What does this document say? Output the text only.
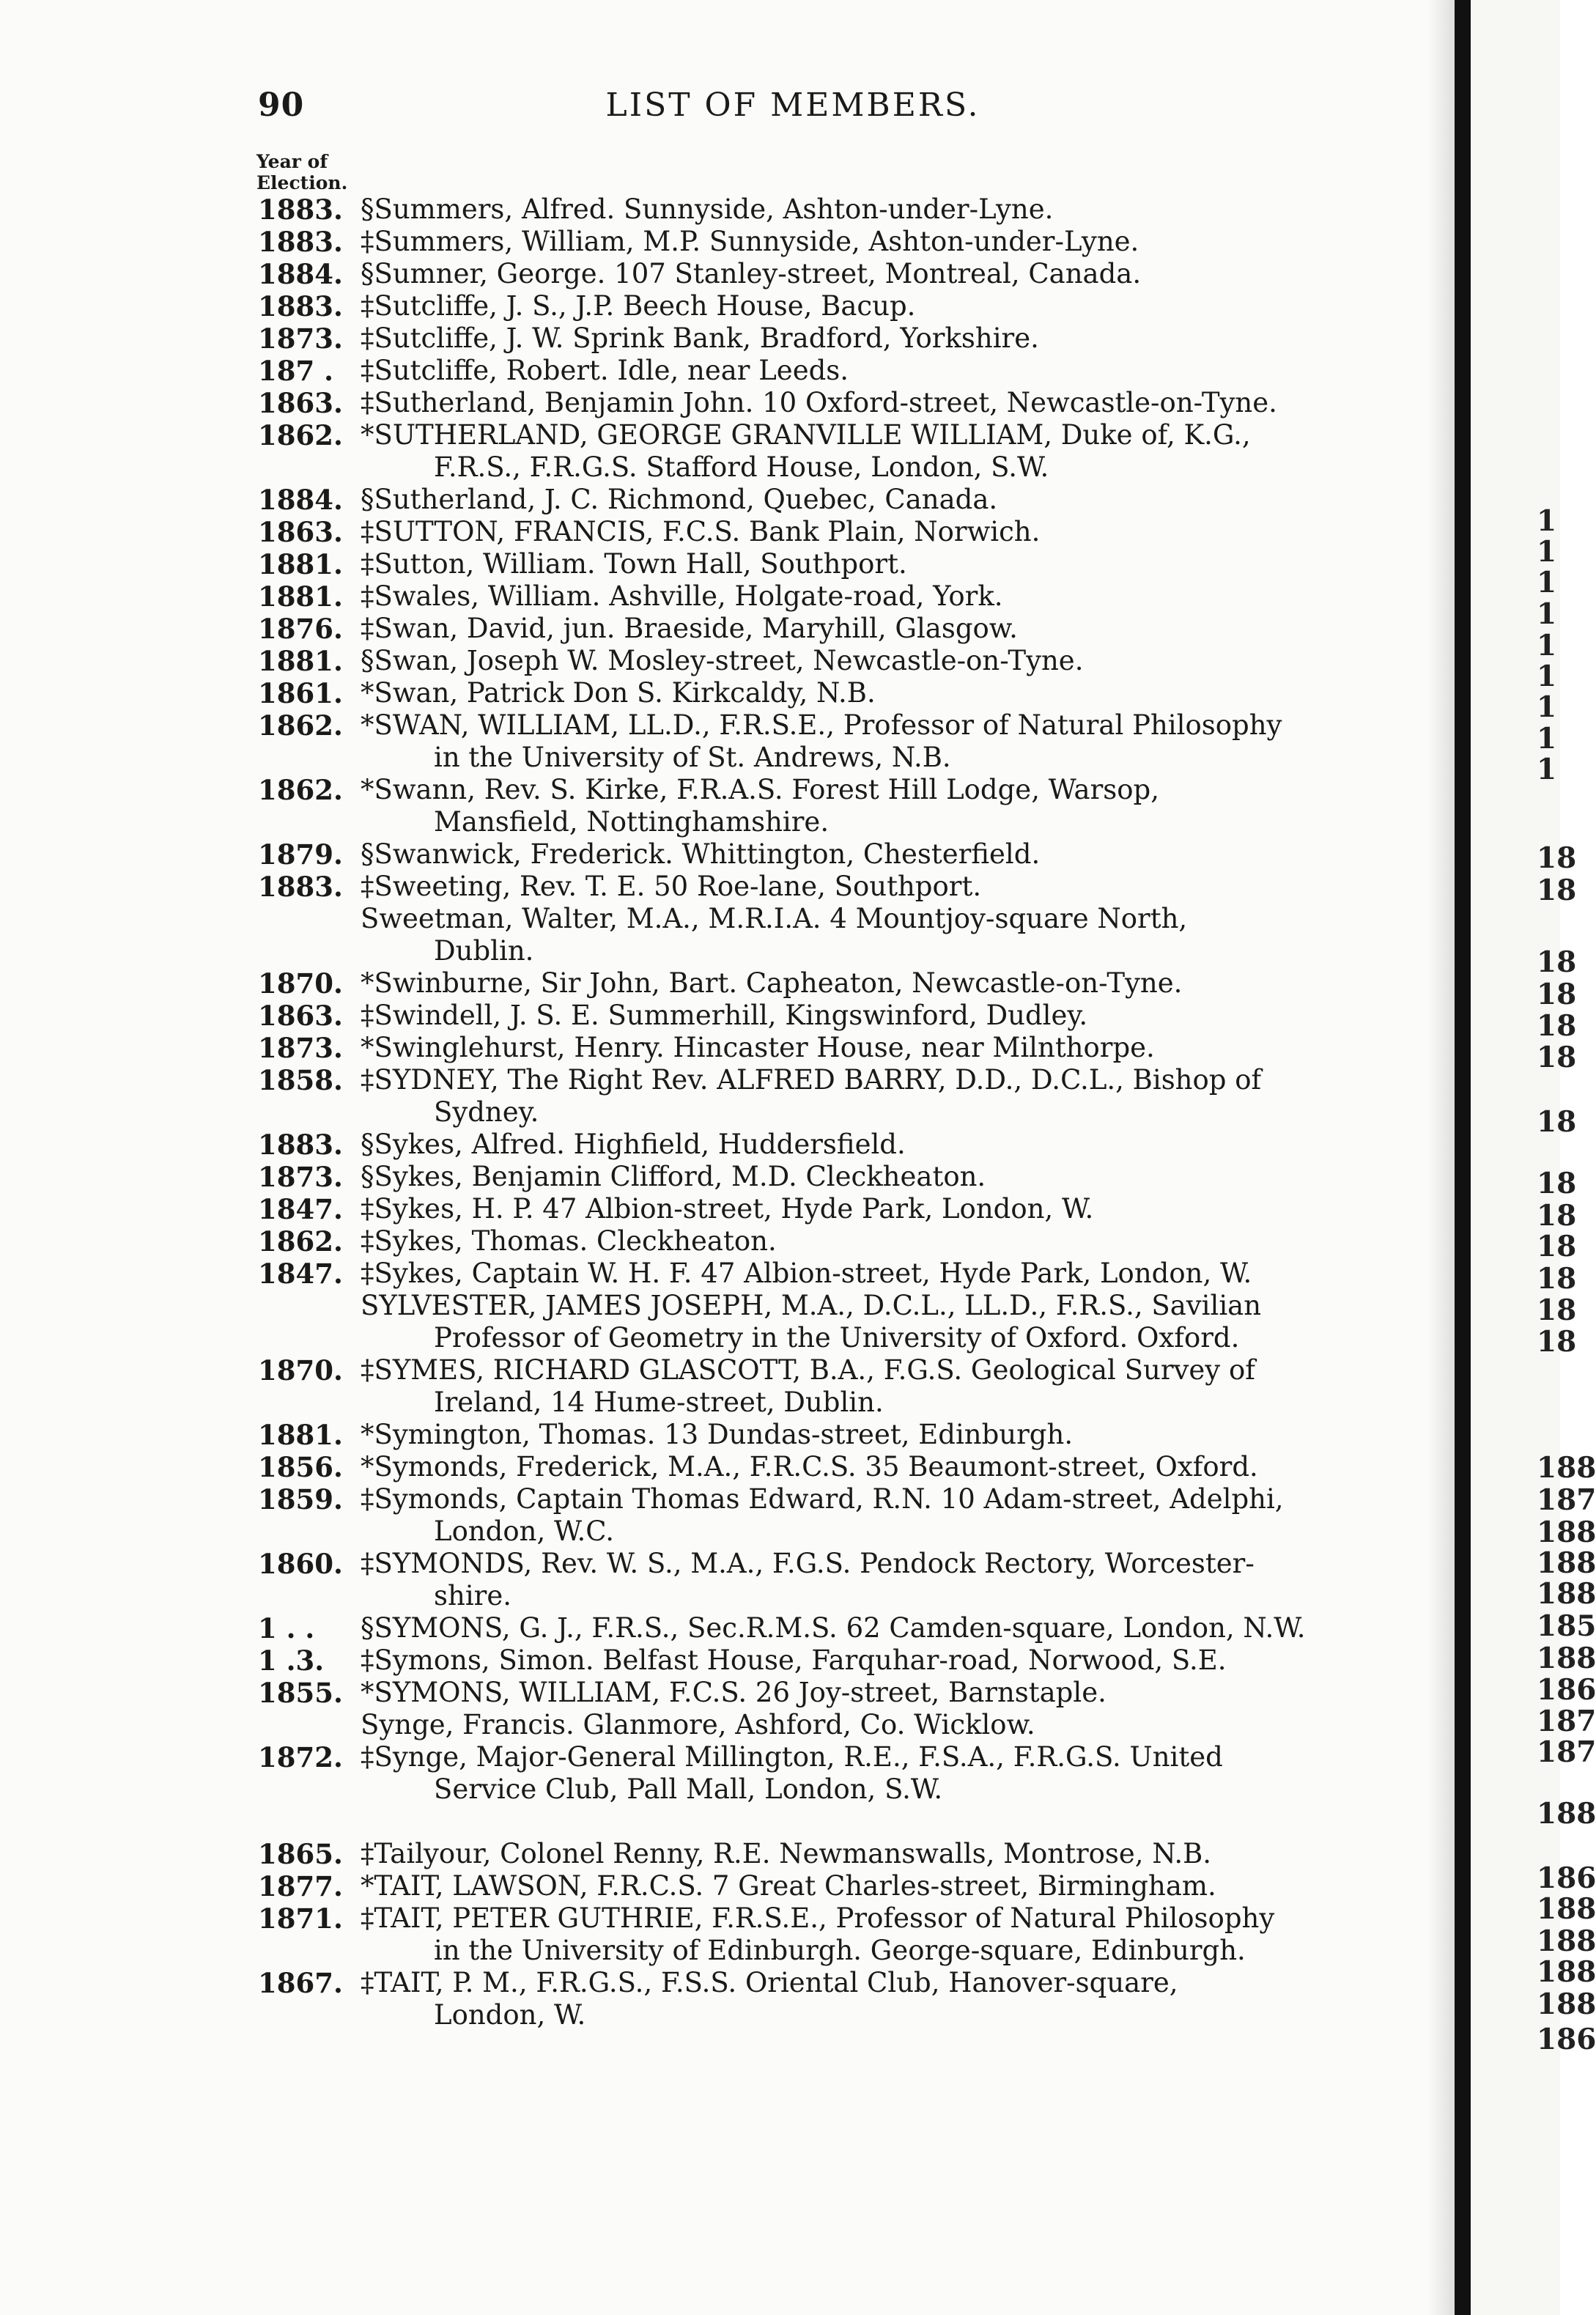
90	LIST OF MEMBERS.
Year of
Election.
1883. §Summers, Alfred. Sunnyside, Ashton-under-Lyne.
1883. ‡Summers, William, M.P. Sunnyside, Ashton-under-Lyne.
1884. §Sumner, George. 107 Stanley-street, Montreal, Canada.
1883. ‡Sutcliffe, J. S., J.P. Beech House, Bacup.
1873. ‡Sutcliffe, J. W. Sprink Bank, Bradford, Yorkshire.
187 .	‡Sutcliffe, Robert. Idle, near Leeds.
1863. ‡Sutherland, Benjamin John. 10 Oxford-street, Newcastle-on-Tyne.
1862. *SUTHERLAND, GEORGE GRANVILLE WILLIAM, Duke of, K.G.,
F.R.S., F.R.G.S. Stafford House, London, S.W.
1884. §Sutherland, J. C. Richmond, Quebec, Canada.
1863. ‡SUTTON, FRANCIS, F.C.S. Bank Plain, Norwich.
1881. ‡Sutton, William. Town Hall, Southport.
1881. ‡Swales, William. Ashville, Holgate-road, York.
1876. ‡Swan, David, jun. Braeside, Maryhill, Glasgow.
1881. §Swan, Joseph W. Mosley-street, Newcastle-on-Tyne.
1861. *Swan, Patrick Don S. Kirkcaldy, N.B.
1862. *SWAN, WILLIAM, LL.D., F.R.S.E., Professor of Natural Philosophy
in the University of St. Andrews, N.B.
1862. *Swann, Rev. S. Kirke, F.R.A.S. Forest Hill Lodge, Warsop,
Mansfield, Nottinghamshire.
1879. §Swanwick, Frederick. Whittington, Chesterfield.
1883. ‡Sweeting, Rev. T. E. 50 Roe-lane, Southport.
Sweetman, Walter, M.A., M.R.I.A. 4 Mountjoy-square North,
Dublin.
1870. *Swinburne, Sir John, Bart. Capheaton, Newcastle-on-Tyne.
1863. ‡Swindell, J. S. E. Summerhill, Kingswinford, Dudley.
1873. *Swinglehurst, Henry. Hincaster House, near Milnthorpe.
1858. ‡SYDNEY, The Right Rev. ALFRED BARRY, D.D., D.C.L., Bishop of
Sydney.
1883. §Sykes, Alfred. Highfield, Huddersfield.
1873. §Sykes, Benjamin Clifford, M.D. Cleckheaton.
1847. ‡Sykes, H. P. 47 Albion-street, Hyde Park, London, W.
1862. ‡Sykes, Thomas. Cleckheaton.
1847. ‡Sykes, Captain W. H. F. 47 Albion-street, Hyde Park, London, W.
SYLVESTER, JAMES JOSEPH, M.A., D.C.L., LL.D., F.R.S., Savilian
Professor of Geometry in the University of Oxford. Oxford.
1870. ‡SYMES, RICHARD GLASCOTT, B.A., F.G.S. Geological Survey of
Ireland, 14 Hume-street, Dublin.
1881. *Symington, Thomas. 13 Dundas-street, Edinburgh.
1856. *Symonds, Frederick, M.A., F.R.C.S. 35 Beaumont-street, Oxford.
1859. ‡Symonds, Captain Thomas Edward, R.N. 10 Adam-street, Adelphi,
London, W.C.
1860. ‡SYMONDS, Rev. W. S., M.A., F.G.S. Pendock Rectory, Worcester-
shire.
1 . .	§SYMONS, G. J., F.R.S., Sec.R.M.S. 62 Camden-square, London, N.W.
1 .3.	‡Symons, Simon. Belfast House, Farquhar-road, Norwood, S.E.
1855. *SYMONS, WILLIAM, F.C.S. 26 Joy-street, Barnstaple.
Synge, Francis. Glanmore, Ashford, Co. Wicklow.
1872. ‡Synge, Major-General Millington, R.E., F.S.A., F.R.G.S. United
Service Club, Pall Mall, London, S.W.
1865. ‡Tailyour, Colonel Renny, R.E. Newmanswalls, Montrose, N.B.
1877. *TAIT, LAWSON, F.R.C.S. 7 Great Charles-street, Birmingham.
1871. ‡TAIT, PETER GUTHRIE, F.R.S.E., Professor of Natural Philosophy
in the University of Edinburgh. George-square, Edinburgh.
1867. ‡TAIT, P. M., F.R.G.S., F.S.S. Oriental Club, Hanover-square,
London, W.
1
1
1
1
1
1
1
1
1
18
18
18
18
18
18
18
18
18
18
18
18
18
188
187
188
188
188
185
188
186
187
187
188
186
188
188
188
188
186
